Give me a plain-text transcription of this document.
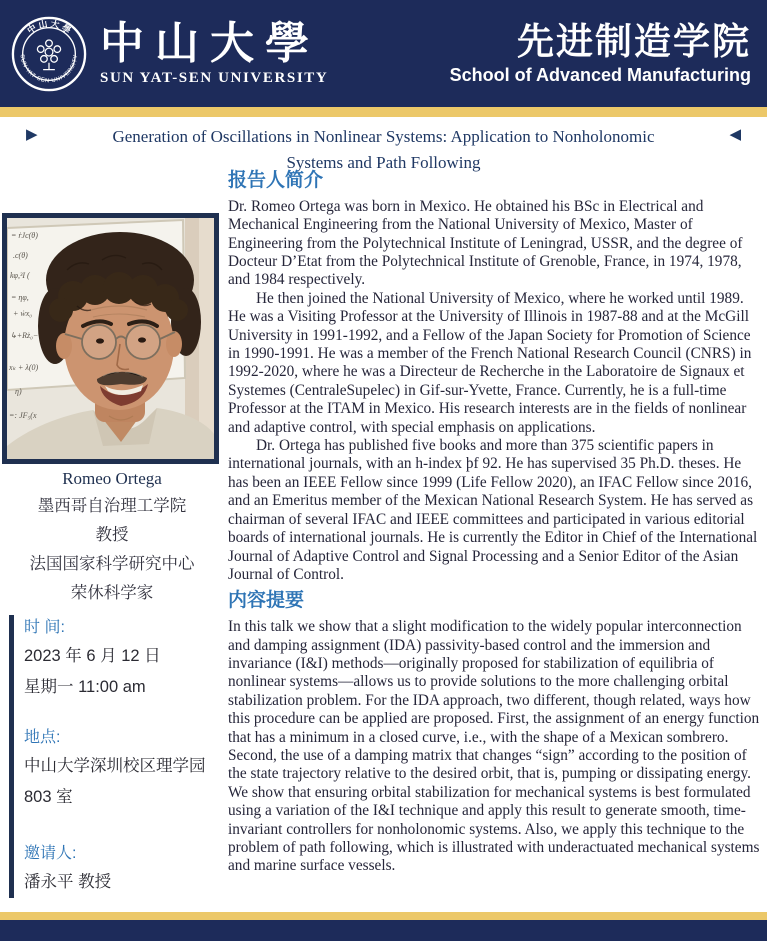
中 山 大 學
SUN YAT-SEN UNIVERSITY 中山大學
SUN YAT-SEN UNIVERSITY
先进制造学院
School of Advanced Manufacturing
▶	Generation of Oscillations in Nonlinear Systems: Application to Nonholonomic
Systems and Path Following
◀
= ṙJc(θ)
.c(θ)
kφ,³I (
= ηφ,
+ ẇx₀
↳+Rż₀−
xₖ + λ(0)
η)
=: JF₅(x
Romeo Ortega
墨西哥自治理工学院
教授
法国国家科学研究中心
荣休科学家
时 间:
2023 年 6 月 12 日
星期一 11:00 am
地点:
中山大学深圳校区理学园
803 室
邀请人:
潘永平 教授
报告人简介

Dr. Romeo Ortega was born in Mexico. He obtained his BSc in Electrical and Mechanical Engineering from the National University of Mexico, Master of Engineering from the Polytechnical Institute of Leningrad, USSR, and the degree of Docteur D’Etat from the Polytechnical Institute of Grenoble, France, in 1974, 1978, and 1984 respectively.

He then joined the National University of Mexico, where he worked until 1989. He was a Visiting Professor at the University of Illinois in 1987-88 and at the McGill University in 1991-1992, and a Fellow of the Japan Society for Promotion of Science in 1990-1991. He was a member of the French National Research Council (CNRS) in 1992-2020, where he was a Directeur de Recherche in the Laboratoire de Signaux et Systemes (CentraleSupelec) in Gif-sur-Yvette, France. Currently, he is a full-time Professor at the ITAM in Mexico. His research interests are in the fields of nonlinear and adaptive control, with special emphasis on applications.

Dr. Ortega has published five books and more than 375 scientific papers in international journals, with an h-index þf 92. He has supervised 35 Ph.D. theses. He has been an IEEE Fellow since 1999 (Life Fellow 2020), an IFAC Fellow since 2016, and an Emeritus member of the Mexican National Research System. He has served as chairman of several IFAC and IEEE committees and participated in various editorial boards of international journals. He is currently the Editor in Chief of the International Journal of Adaptive Control and Signal Processing and a Senior Editor of the Asian Journal of Control.

内容提要

In this talk we show that a slight modification to the widely popular interconnection and damping assignment (IDA) passivity-based control and the immersion and invariance (I&I) methods—originally proposed for stabilization of equilibria of nonlinear systems—allows us to provide solutions to the more challenging orbital stabilization problem. For the IDA approach, two different, though related, ways how this procedure can be applied are proposed. First, the assignment of an energy function that has a minimum in a closed curve, i.e., with the shape of a Mexican sombrero. Second, the use of a damping matrix that changes “sign” according to the position of the state trajectory relative to the desired orbit, that is, pumping or dissipating energy. We show that ensuring orbital stabilization for mechanical systems is best formulated using a variation of the I&I technique and apply this result to generate smooth, time-invariant controllers for nonholonomic systems. Also, we apply this technique to the problem of path following, which is illustrated with underactuated mechanical systems and marine surface vessels.
